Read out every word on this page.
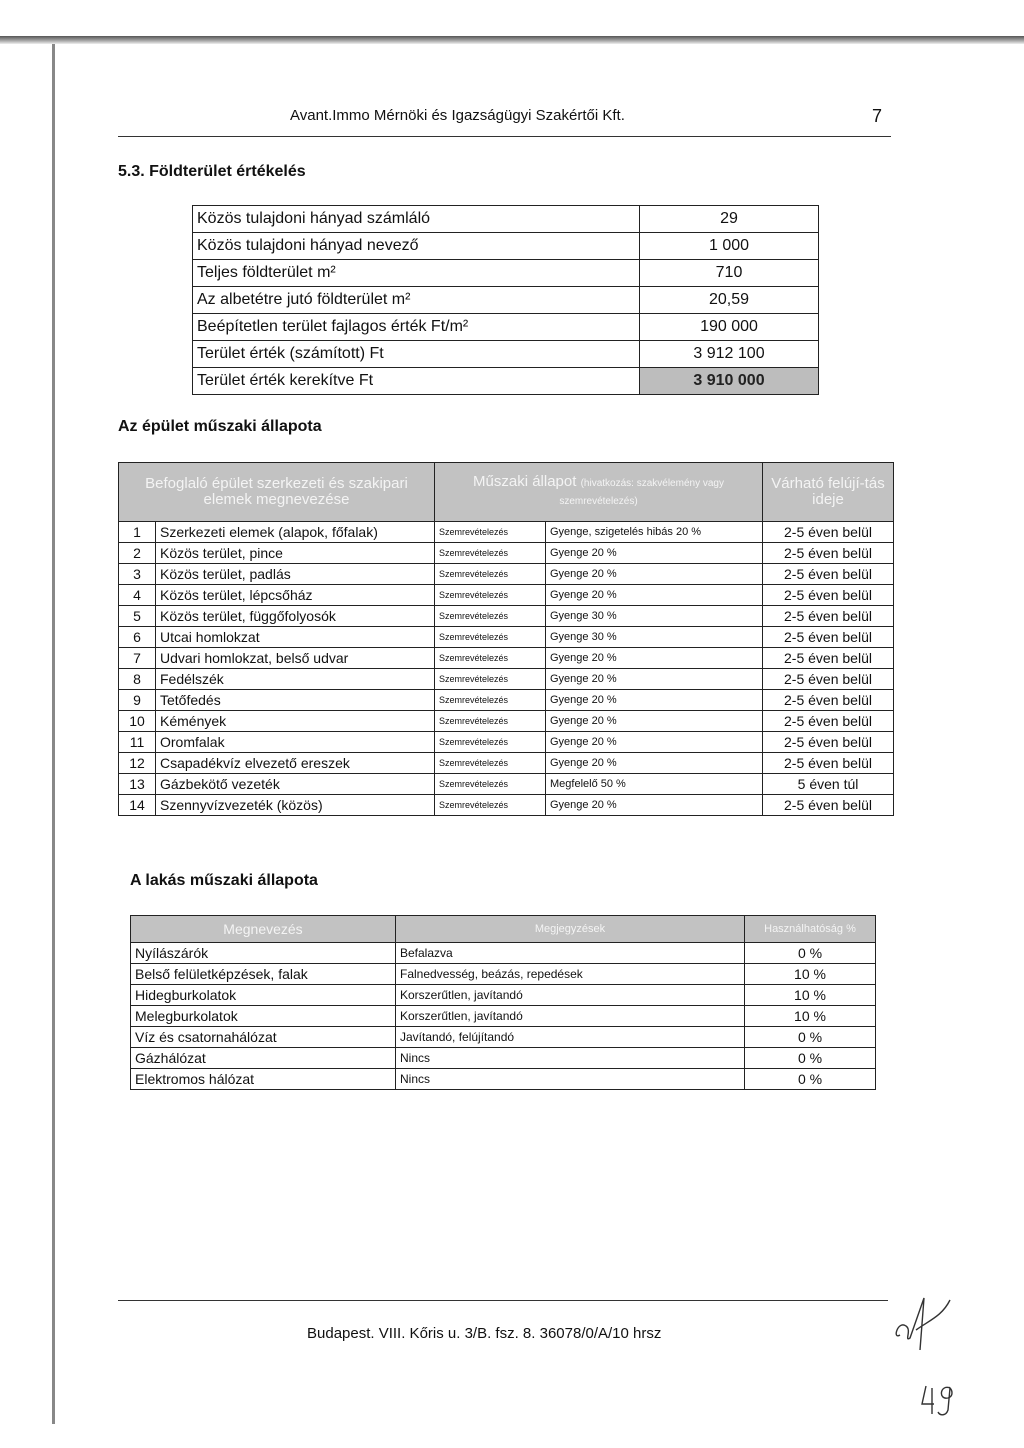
Avant.Immo Mérnöki és Igazságügyi Szakértői Kft.	7
5.3. Földterület értékelés
Közös tulajdoni hányad számláló	29
Közös tulajdoni hányad nevező	1 000
Teljes földterület m²	710
Az albetétre jutó földterület m²	20,59
Beépítetlen terület fajlagos érték Ft/m²	190 000
Terület érték (számított) Ft	3 912 100
Terület érték kerekítve Ft	3 910 000
Az épület műszaki állapota
Befoglaló épület szerkezeti és szakipari elemek megnevezése		Műszaki állapot (hivatkozás: szakvélemény vagy szemrevételezés)		Várható felújí-tás ideje
1	Szerkezeti elemek (alapok, főfalak)	Szemrevételezés	Gyenge, szigetelés hibás 20 %	2-5 éven belül
2	Közös terület, pince	Szemrevételezés	Gyenge 20 %	2-5 éven belül
3	Közös terület, padlás	Szemrevételezés	Gyenge 20 %	2-5 éven belül
4	Közös terület, lépcsőház	Szemrevételezés	Gyenge 20 %	2-5 éven belül
5	Közös terület, függőfolyosók	Szemrevételezés	Gyenge 30 %	2-5 éven belül
6	Utcai homlokzat	Szemrevételezés	Gyenge 30 %	2-5 éven belül
7	Udvari homlokzat, belső udvar	Szemrevételezés	Gyenge 20 %	2-5 éven belül
8	Fedélszék	Szemrevételezés	Gyenge 20 %	2-5 éven belül
9	Tetőfedés	Szemrevételezés	Gyenge 20 %	2-5 éven belül
10	Kémények	Szemrevételezés	Gyenge 20 %	2-5 éven belül
11	Oromfalak	Szemrevételezés	Gyenge 20 %	2-5 éven belül
12	Csapadékvíz elvezető ereszek	Szemrevételezés	Gyenge 20 %	2-5 éven belül
13	Gázbekötő vezeték	Szemrevételezés	Megfelelő 50 %	5 éven túl
14	Szennyvízvezeték (közös)	Szemrevételezés	Gyenge 20 %	2-5 éven belül
A lakás műszaki állapota
Megnevezés	Megjegyzések	Használhatóság %
Nyílászárók	Befalazva	0 %
Belső felületképzések, falak	Falnedvesség, beázás, repedések	10 %
Hidegburkolatok	Korszerűtlen, javítandó	10 %
Melegburkolatok	Korszerűtlen, javítandó	10 %
Víz és csatornahálózat	Javítandó, felújítandó	0 %
Gázhálózat	Nincs	0 %
Elektromos hálózat	Nincs	0 %
Budapest. VIII. Kőris u. 3/B. fsz. 8. 36078/0/A/10 hrsz
